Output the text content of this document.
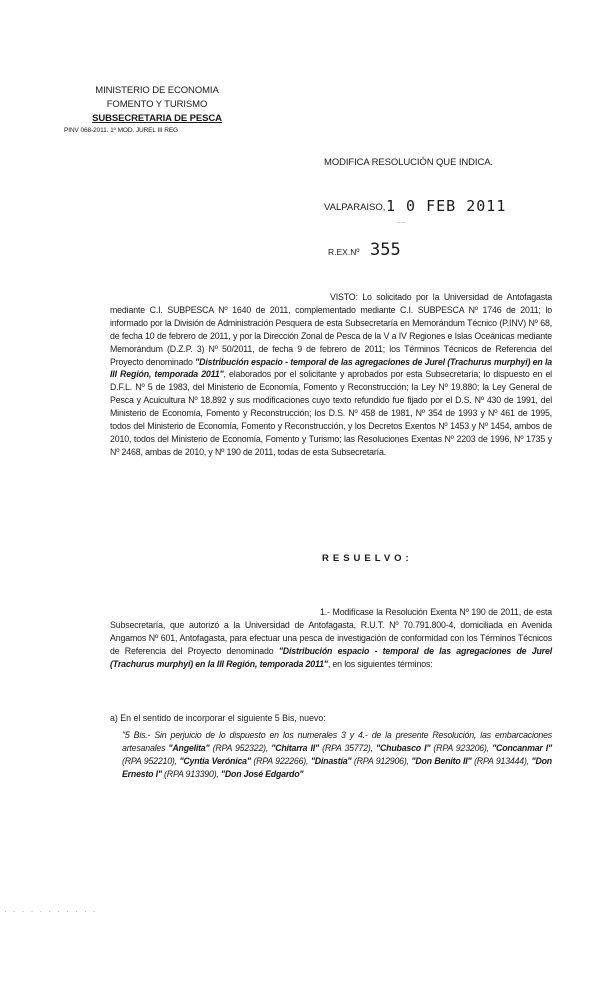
MINISTERIO DE ECONOMIA
FOMENTO Y TURISMO
SUBSECRETARIA DE PESCA
PINV 068-2011. 1º MOD. JUREL III REG
MODIFICA RESOLUCIÓN QUE INDICA.
VALPARAISO, 1 0 FEB 2011
·‐·‐·
R.EX.Nº 355
VISTO: Lo solicitado por la Universidad de Antofagasta mediante C.I. SUBPESCA Nº 1640 de 2011, complementado mediante C.I. SUBPESCA Nº 1746 de 2011; lo informado por la División de Administración Pesquera de esta Subsecretaría en Memorándum Técnico (P.INV) Nº 68, de fecha 10 de febrero de 2011, y por la Dirección Zonal de Pesca de la V a IV Regiones e Islas Oceánicas mediante Memorándum (D.Z.P. 3) Nº 50/2011, de fecha 9 de febrero de 2011; los Términos Técnicos de Referencia del Proyecto denominado "Distribución espacio - temporal de las agregaciones de Jurel (Trachurus murphyi) en la III Región, temporada 2011", elaborados por el solicitante y aprobados por esta Subsecretaría; lo dispuesto en el D.F.L. Nº 5 de 1983, del Ministerio de Economía, Fomento y Reconstrucción; la Ley Nº 19.880; la Ley General de Pesca y Acuicultura Nº 18.892 y sus modificaciones cuyo texto refundido fue fijado por el D.S. Nº 430 de 1991, del Ministerio de Economía, Fomento y Reconstrucción; los D.S. Nº 458 de 1981, Nº 354 de 1993 y Nº 461 de 1995, todos del Ministerio de Economía, Fomento y Reconstrucción, y los Decretos Exentos Nº 1453 y Nº 1454, ambos de 2010, todos del Ministerio de Economía, Fomento y Turismo; las Resoluciones Exentas Nº 2203 de 1996, Nº 1735 y Nº 2468, ambas de 2010, y Nº 190 de 2011, todas de esta Subsecretaría.
RESUELVO:
1.- Modifícase la Resolución Exenta Nº 190 de 2011, de esta Subsecretaría, que autorizó a la Universidad de Antofagasta, R.U.T. Nº 70.791.800-4, domiciliada en Avenida Angamos Nº 601, Antofagasta, para efectuar una pesca de investigación de conformidad con los Términos Técnicos de Referencia del Proyecto denominado "Distribución espacio - temporal de las agregaciones de Jurel (Trachurus murphyi) en la III Región, temporada 2011", en los siguientes términos:
a) En el sentido de incorporar el siguiente 5 Bis, nuevo:
"5 Bis.- Sin perjuicio de lo dispuesto en los numerales 3 y 4.- de la presente Resolución, las embarcaciones artesanales "Angelita" (RPA 952322), "Chitarra II" (RPA 35772), "Chubasco I" (RPA 923206), "Concanmar I" (RPA 952210), "Cyntia Verónica" (RPA 922266), "Dinastía" (RPA 912906), "Don Benito II" (RPA 913444), "Don Ernesto I" (RPA 913390), "Don José Edgardo"
· · · · · · · · · · ·
